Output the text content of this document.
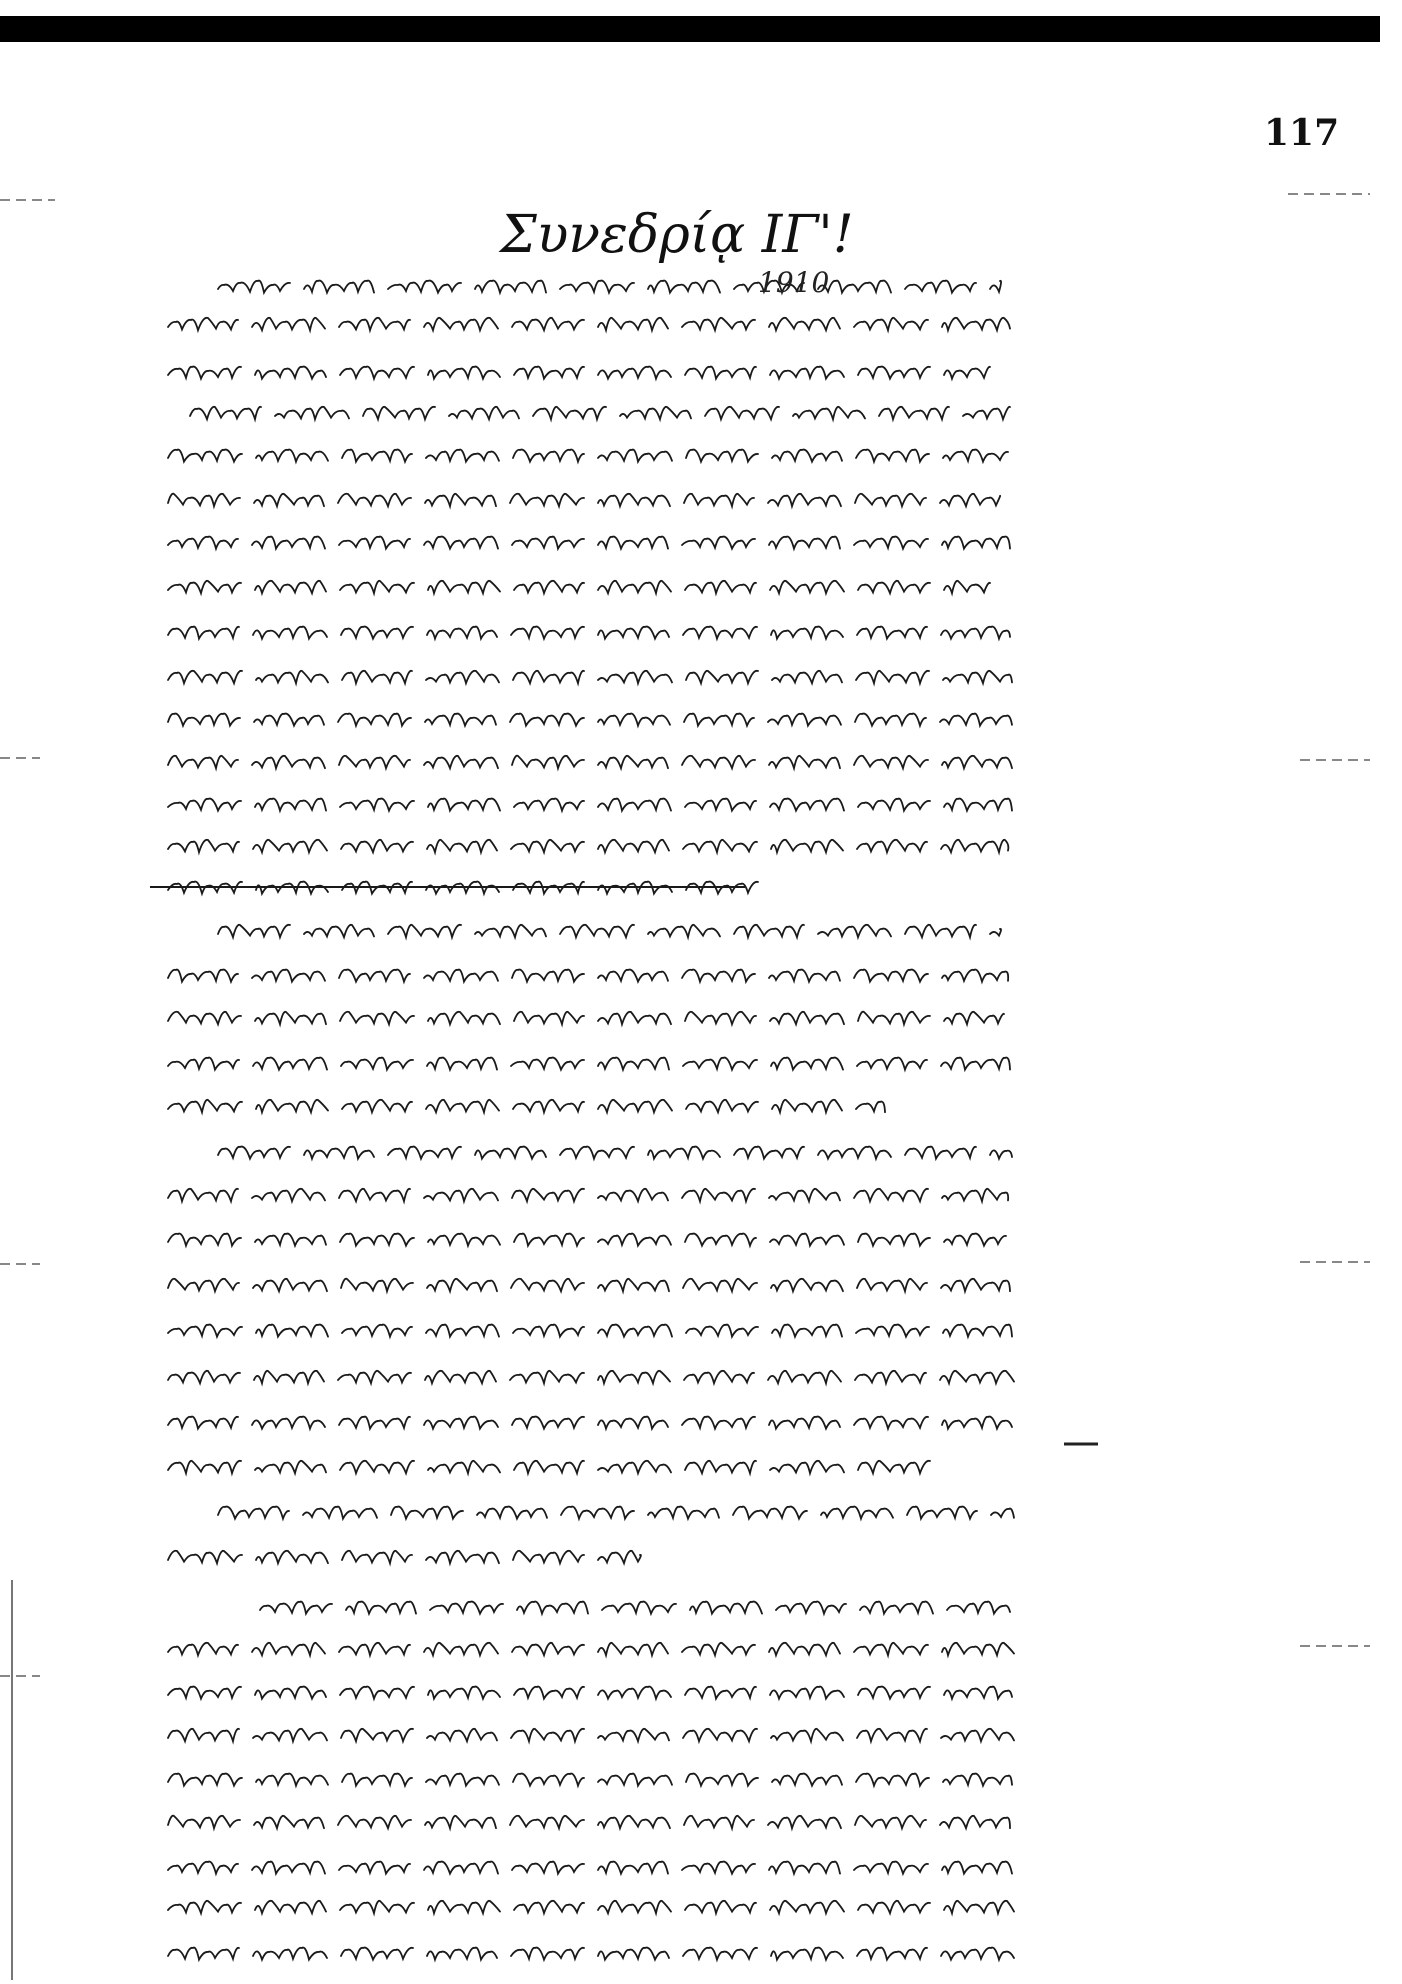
117
Συνεδρίᾳ ΙΓ'!
1910
